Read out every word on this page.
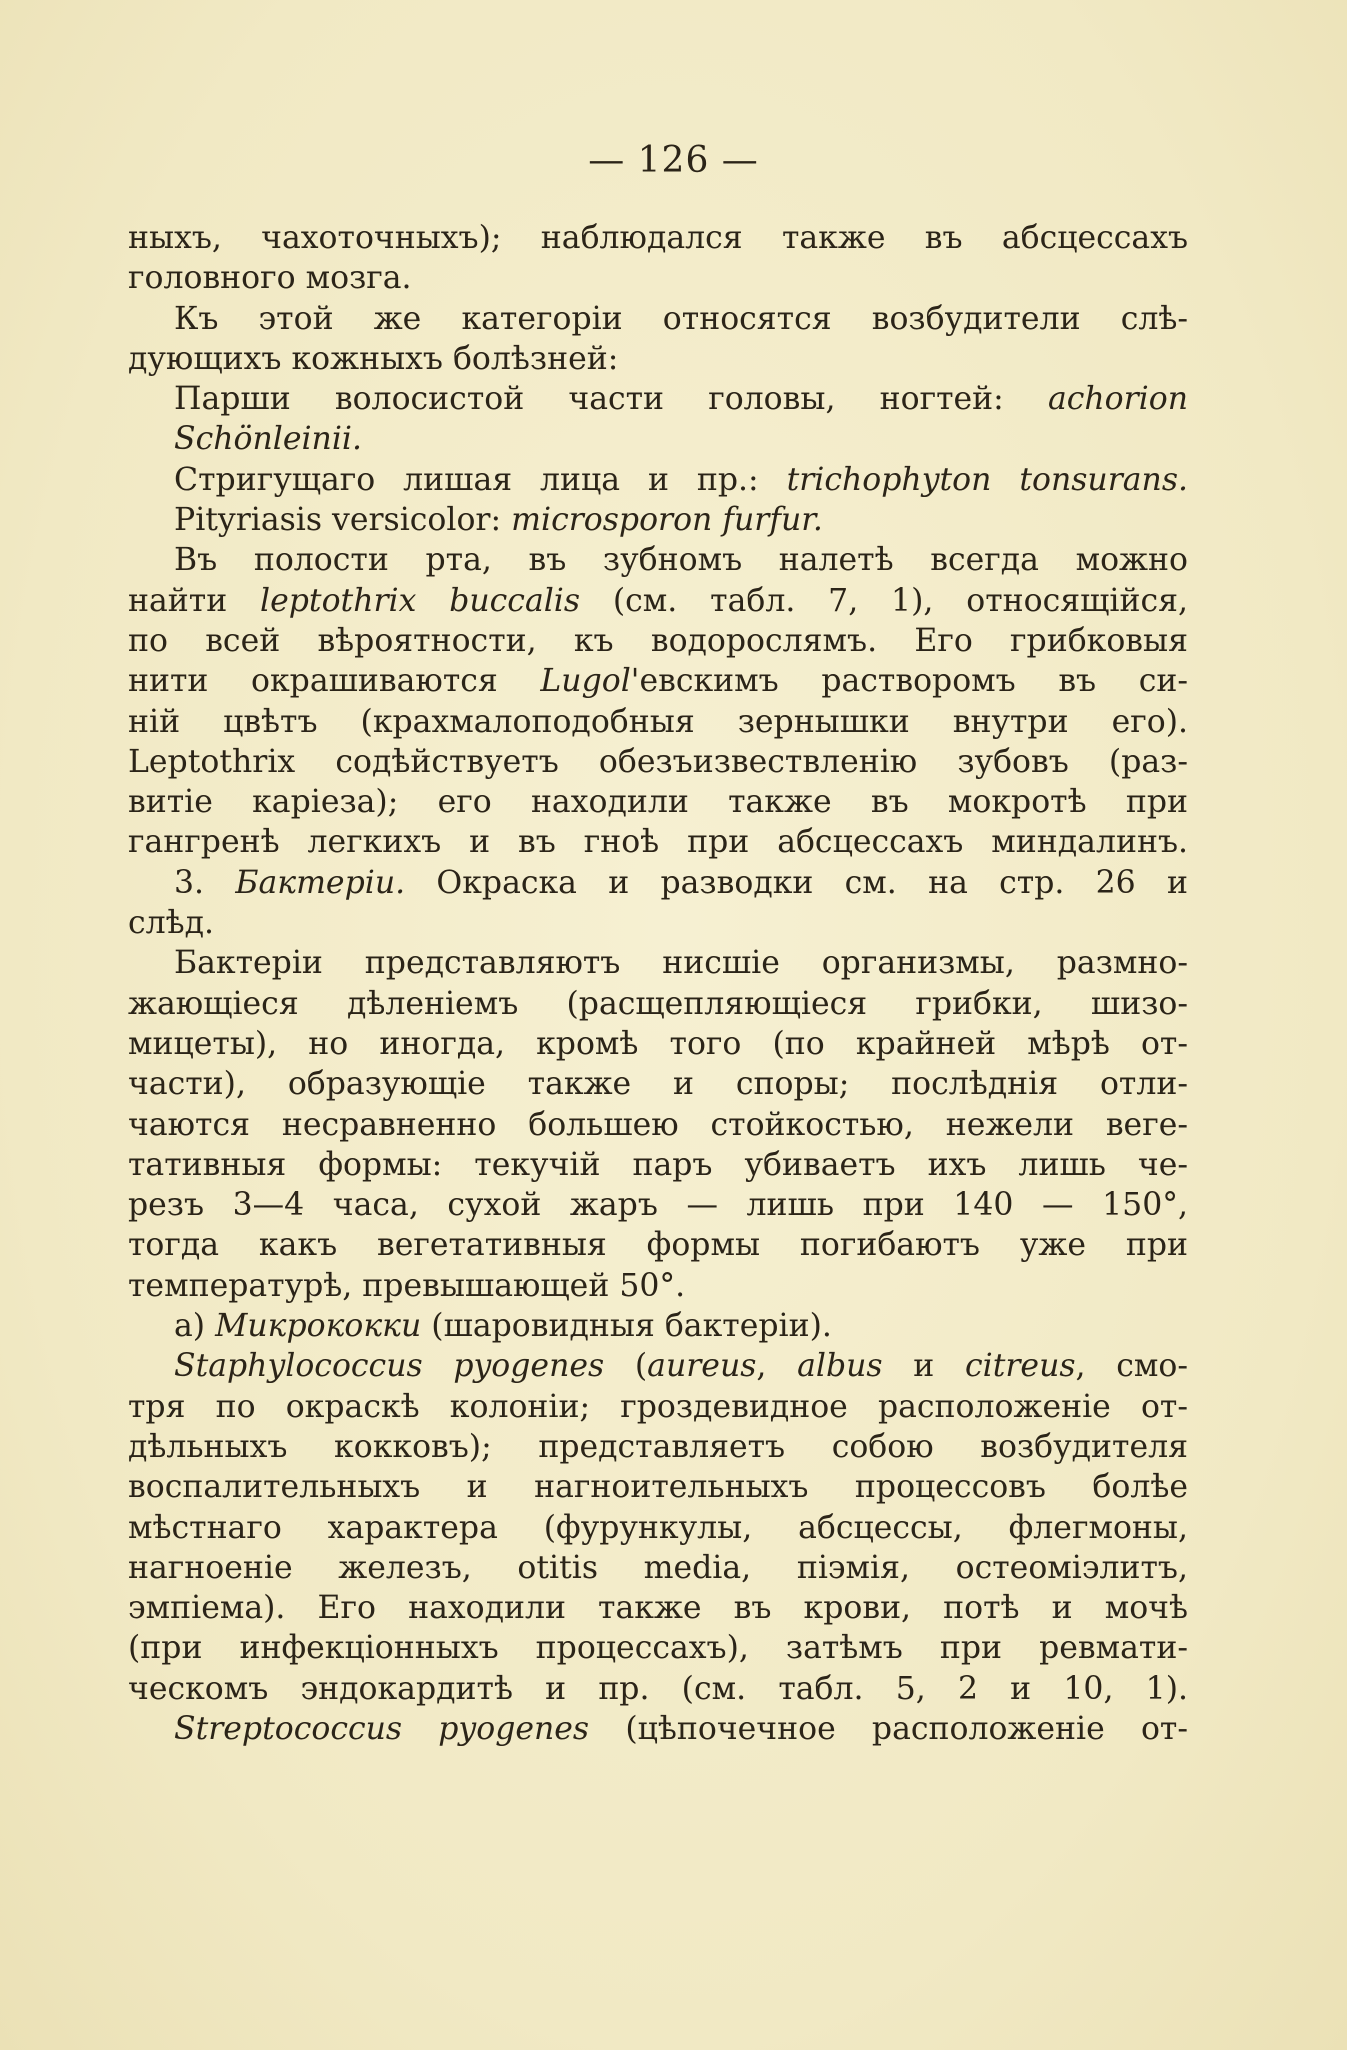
— 126 —
ныхъ, чахоточныхъ); наблюдался также въ абсцессахъ
головного мозга.
Къ этой же категоріи относятся возбудители слѣ-
дующихъ кожныхъ болѣзней:
Парши волосистой части головы, ногтей: achorion
Schönleinii.
Стригущаго лишая лица и пр.: trichophyton tonsurans.
Pityriasis versicolor: microsporon furfur.
Въ полости рта, въ зубномъ налетѣ всегда можно
найти leptothrix buccalis (см. табл. 7, 1), относящійся,
по всей вѣроятности, къ водорослямъ. Его грибковыя
нити окрашиваются Lugol'евскимъ растворомъ въ си-
ній цвѣтъ (крахмалоподобныя зернышки внутри его).
Leptothrix содѣйствуетъ обезъизвествленію зубовъ (раз-
витіе каріеза); его находили также въ мокротѣ при
гангренѣ легкихъ и въ гноѣ при абсцессахъ миндалинъ.
3. Бактеріи. Окраска и разводки см. на стр. 26 и
слѣд.
Бактеріи представляютъ нисшіе организмы, размно-
жающіеся дѣленіемъ (расщепляющіеся грибки, шизо-
мицеты), но иногда, кромѣ того (по крайней мѣрѣ от-
части), образующіе также и споры; послѣднія отли-
чаются несравненно большею стойкостью, нежели веге-
тативныя формы: текучій паръ убиваетъ ихъ лишь че-
резъ 3—4 часа, сухой жаръ — лишь при 140 — 150°,
тогда какъ вегетативныя формы погибаютъ уже при
температурѣ, превышающей 50°.
а) Микрококки (шаровидныя бактеріи).
Staphylococcus pyogenes (aureus, albus и citreus, смо-
тря по окраскѣ колоніи; гроздевидное расположеніе от-
дѣльныхъ кокковъ); представляетъ собою возбудителя
воспалительныхъ и нагноительныхъ процессовъ болѣе
мѣстнаго характера (фурункулы, абсцессы, флегмоны,
нагноеніе железъ, otitis media, піэмія, остеоміэлитъ,
эмпіема). Его находили также въ крови, потѣ и мочѣ
(при инфекціонныхъ процессахъ), затѣмъ при ревмати-
ческомъ эндокардитѣ и пр. (см. табл. 5, 2 и 10, 1).
Streptococcus pyogenes (цѣпочечное расположеніе от-
